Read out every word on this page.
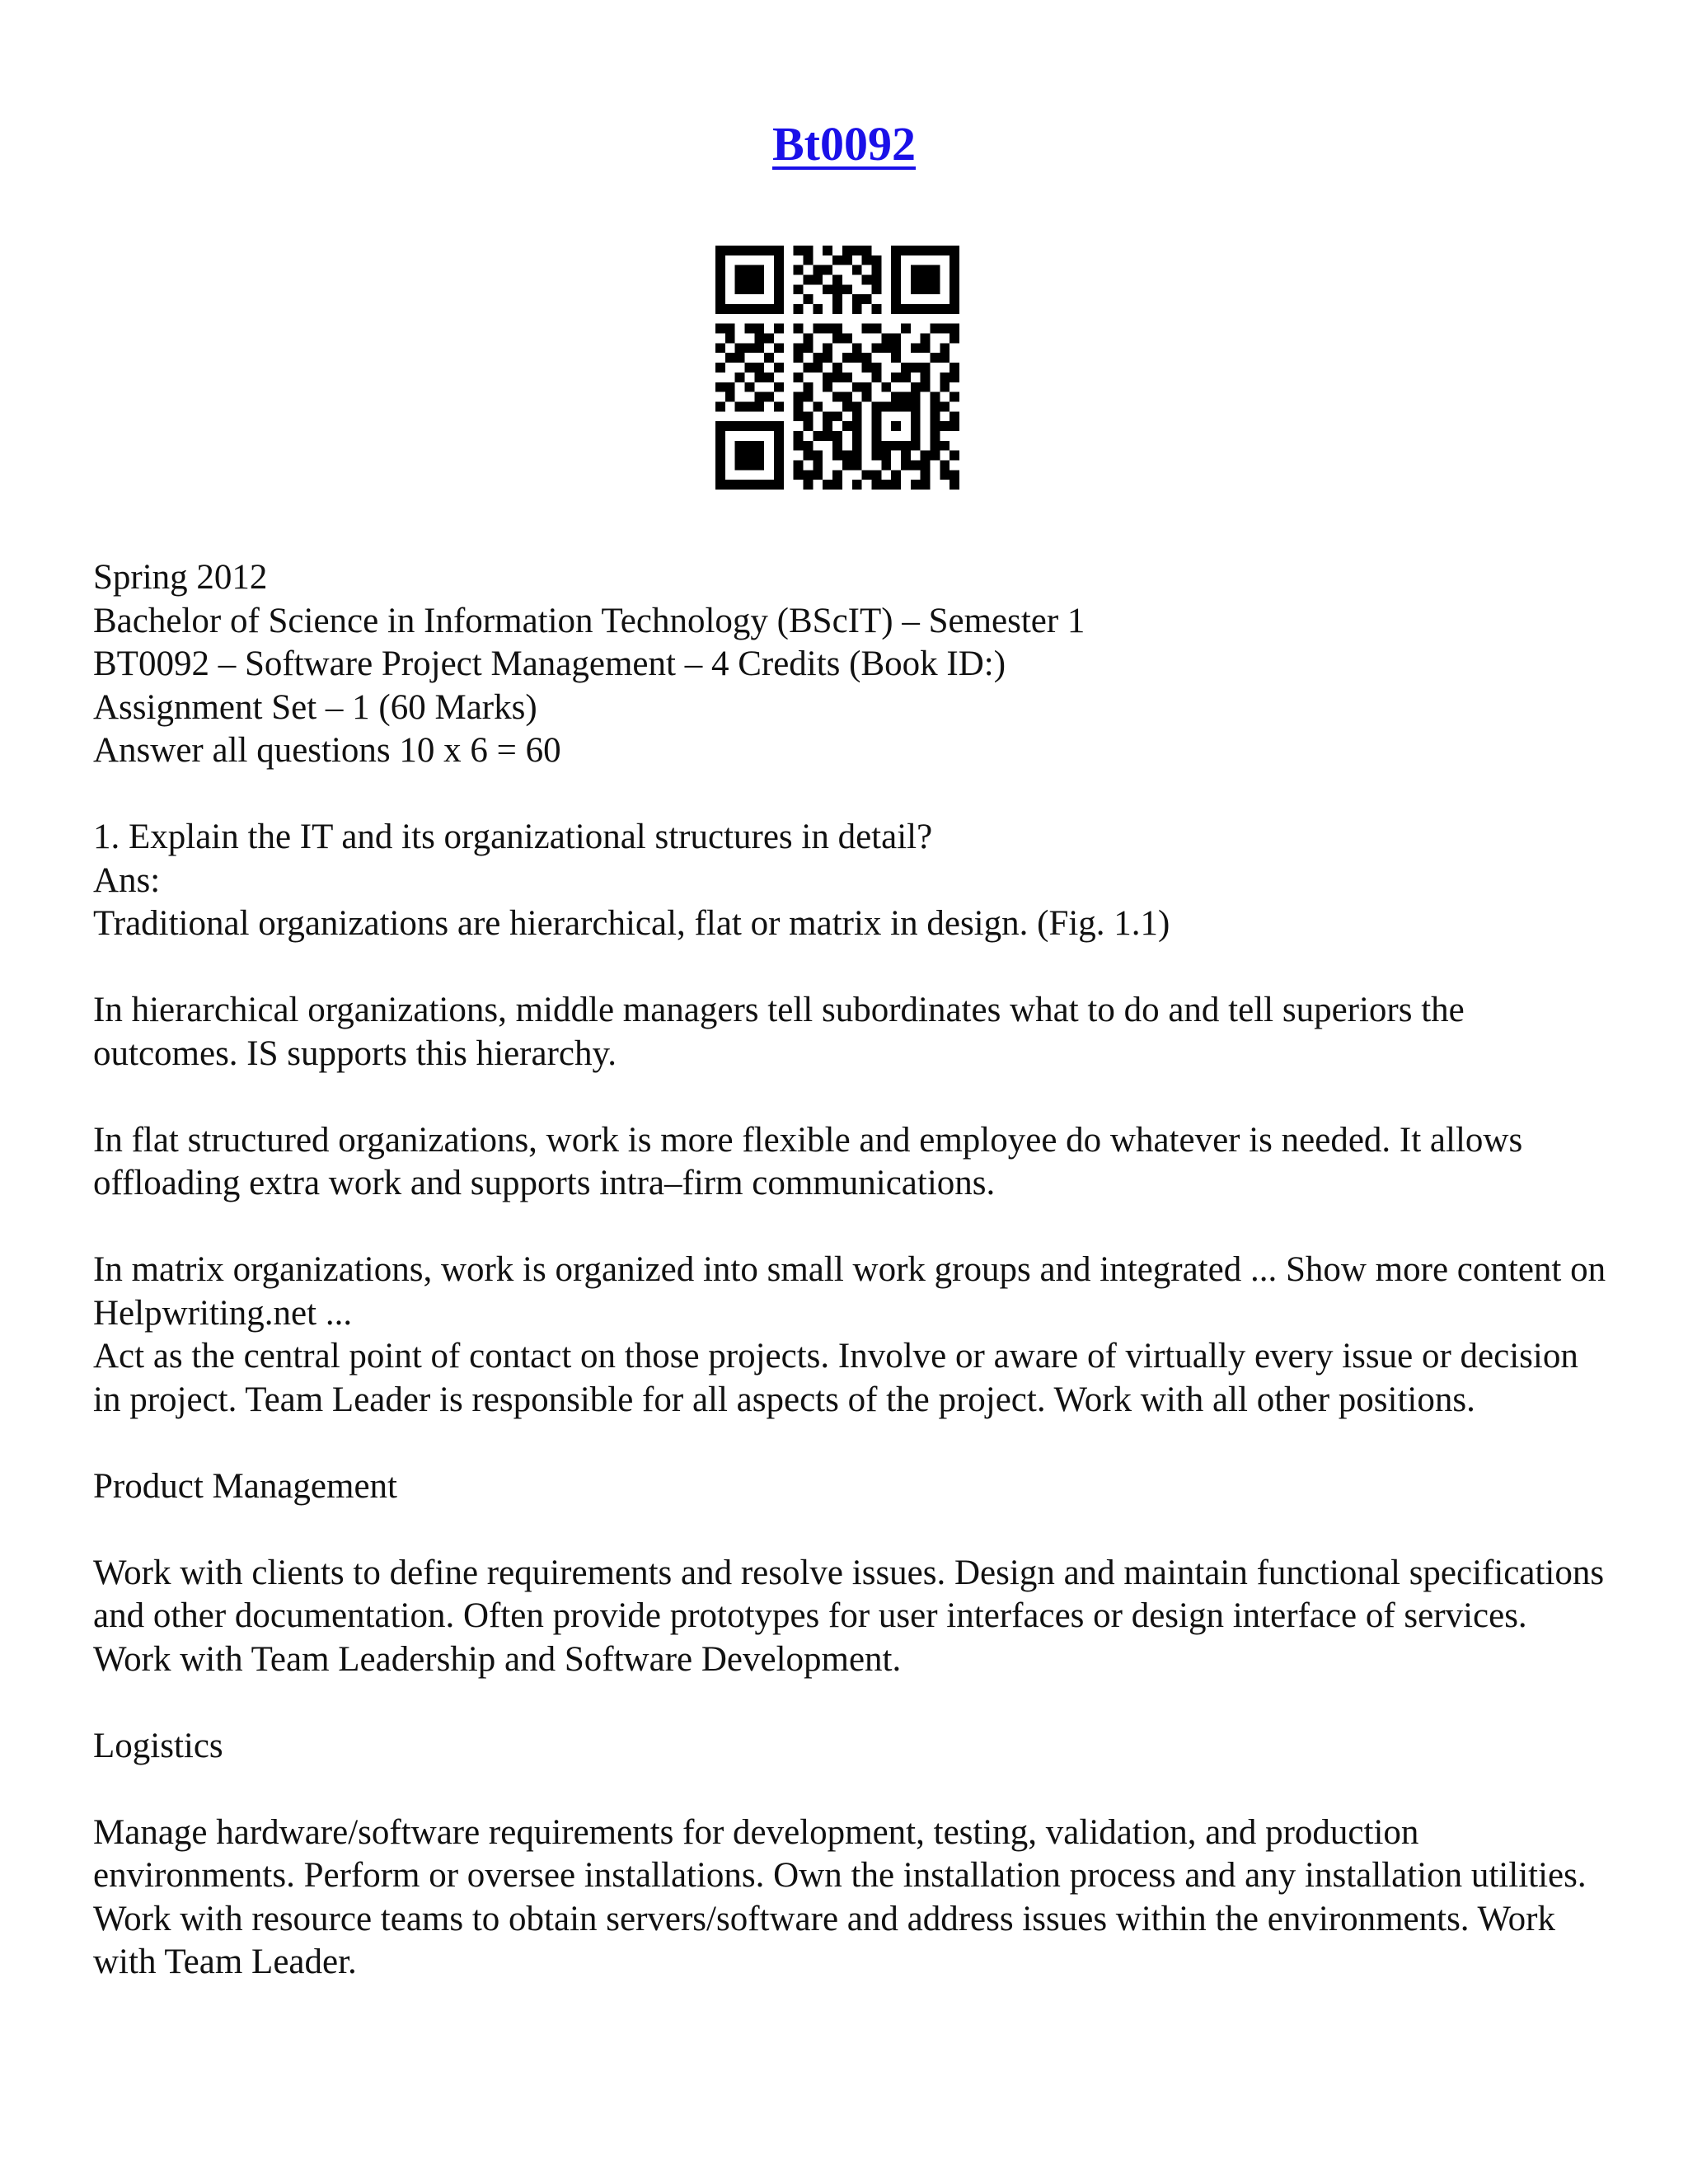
Bt0092

Spring 2012

Bachelor of Science in Information Technology (BScIT) – Semester 1

BT0092 – Software Project Management – 4 Credits (Book ID:)

Assignment Set – 1 (60 Marks)

Answer all questions 10 x 6 = 60

1. Explain the IT and its organizational structures in detail?

Ans:

Traditional organizations are hierarchical, flat or matrix in design. (Fig. 1.1)

In hierarchical organizations, middle managers tell subordinates what to do and tell superiors the outcomes. IS supports this hierarchy.

In flat structured organizations, work is more flexible and employee do whatever is needed. It allows offloading extra work and supports intra–firm communications.

In matrix organizations, work is organized into small work groups and integrated ... Show more content on Helpwriting.net ...

Act as the central point of contact on those projects. Involve or aware of virtually every issue or decision in project. Team Leader is responsible for all aspects of the project. Work with all other positions.

Product Management

Work with clients to define requirements and resolve issues. Design and maintain functional specifications and other documentation. Often provide prototypes for user interfaces or design interface of services. Work with Team Leadership and Software Development.

Logistics

Manage hardware/software requirements for development, testing, validation, and production environments. Perform or oversee installations. Own the installation process and any installation utilities.

Work with resource teams to obtain servers/software and address issues within the environments. Work with Team Leader.
